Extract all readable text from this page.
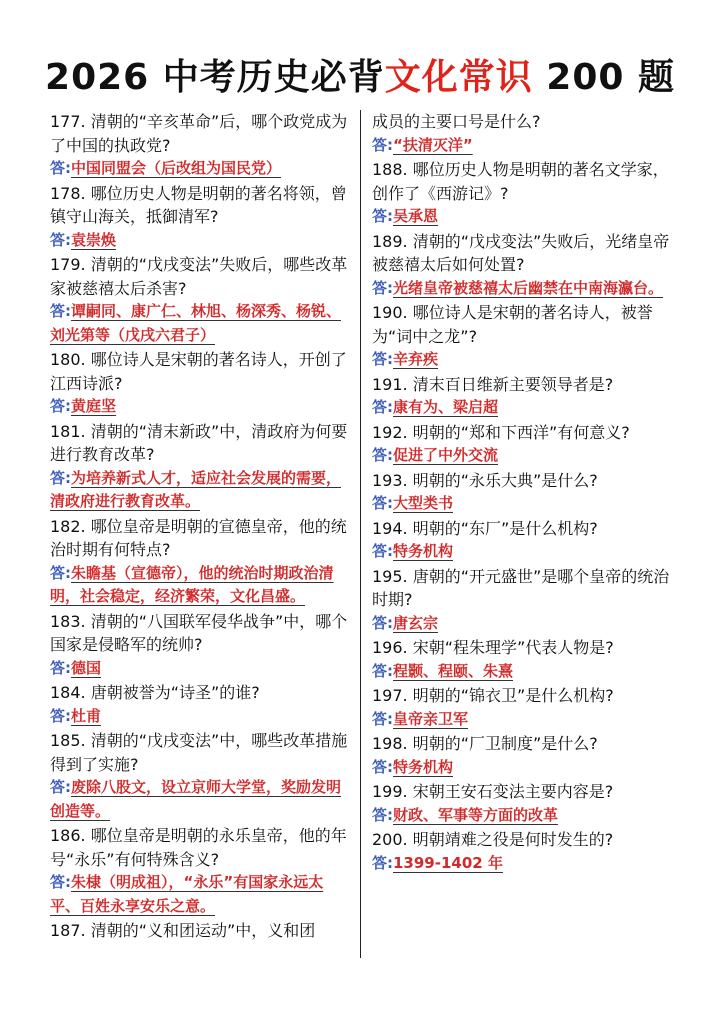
2026 中考历史必背文化常识 200 题

177. 清朝的“辛亥革命”后，哪个政党成为了中国的执政党?

答:中国同盟会（后改组为国民党）

178. 哪位历史人物是明朝的著名将领，曾镇守山海关，抵御清军?

答:袁崇焕

179. 清朝的“戊戌变法”失败后，哪些改革家被慈禧太后杀害?

答:谭嗣同、康广仁、林旭、杨深秀、杨锐、刘光第等（戊戌六君子）

180. 哪位诗人是宋朝的著名诗人，开创了江西诗派?

答:黄庭坚

181. 清朝的“清末新政”中，清政府为何要进行教育改革?

答:为培养新式人才，适应社会发展的需要，清政府进行教育改革。

182. 哪位皇帝是明朝的宣德皇帝，他的统治时期有何特点?

答:朱瞻基（宣德帝），他的统治时期政治清明，社会稳定，经济繁荣，文化昌盛。

183. 清朝的“八国联军侵华战争”中，哪个国家是侵略军的统帅?

答:德国

184. 唐朝被誉为“诗圣”的谁?

答:杜甫

185. 清朝的“戊戌变法”中，哪些改革措施得到了实施?

答:废除八股文，设立京师大学堂，奖励发明创造等。

186. 哪位皇帝是明朝的永乐皇帝，他的年号“永乐”有何特殊含义?

答:朱棣（明成祖），“永乐”有国家永远太平、百姓永享安乐之意。

187. 清朝的“义和团运动”中，义和团

成员的主要口号是什么?

答:“扶清灭洋”

188. 哪位历史人物是明朝的著名文学家，创作了《西游记》?

答:吴承恩

189. 清朝的“戊戌变法”失败后，光绪皇帝被慈禧太后如何处置?

答:光绪皇帝被慈禧太后幽禁在中南海瀛台。

190. 哪位诗人是宋朝的著名诗人，被誉为“词中之龙”?

答:辛弃疾

191. 清末百日维新主要领导者是?

答:康有为、梁启超

192. 明朝的“郑和下西洋”有何意义?

答:促进了中外交流

193. 明朝的“永乐大典”是什么?

答:大型类书

194. 明朝的“东厂”是什么机构?

答:特务机构

195. 唐朝的“开元盛世”是哪个皇帝的统治时期?

答:唐玄宗

196. 宋朝“程朱理学”代表人物是?

答:程颢、程颐、朱熹

197. 明朝的“锦衣卫”是什么机构?

答:皇帝亲卫军

198. 明朝的“厂卫制度”是什么?

答:特务机构

199. 宋朝王安石变法主要内容是?

答:财政、军事等方面的改革

200. 明朝靖难之役是何时发生的?

答:1399-1402 年
